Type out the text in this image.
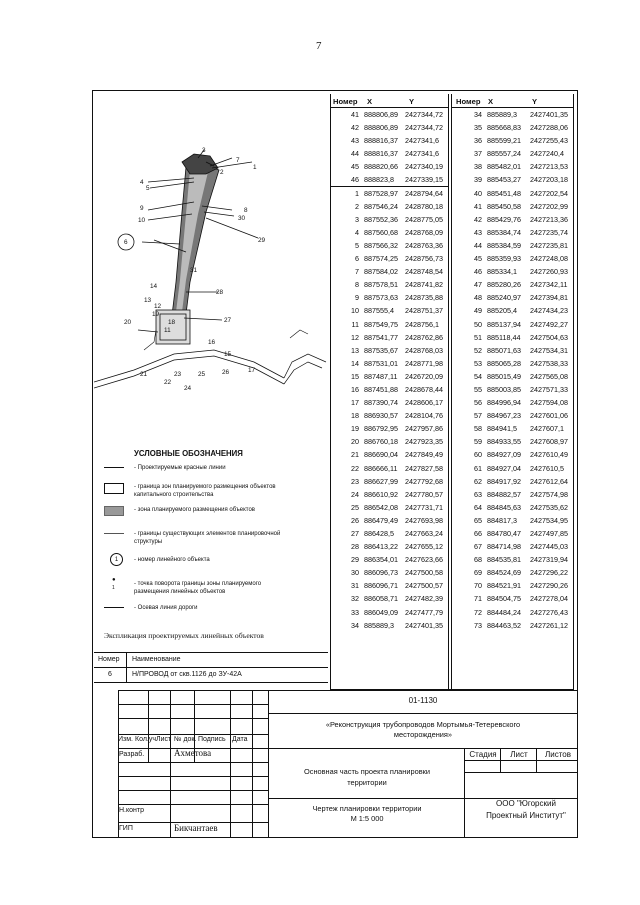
7
1
2
3
4
5
6
7
8
9
10
11
12
13
14
15
16
17
18
19
20
21
22
23
24
25	26
27
28
29
30
31
Номер X	Y
41 888806,89 2427344,72
42 888806,89 2427344,72
43 888816,37 2427341,6
44 888816,37 2427341,6
45 888820,66 2427340,19
46 888823,8 2427339,15
1 887528,97 2428794,64
2 887546,24 2428780,18
3 887552,36 2428775,05
4 887560,68 2428768,09
5 887566,32 2428763,36
6 887574,25 2428756,73
7 887584,02 2428748,54
8 887578,51 2428741,82
9 887573,63 2428735,88
10 887555,4 2428751,37
11 887549,75 2428756,1
12 887541,77 2428762,86
13 887535,67 2428768,03
14 887531,01 2428771,98
15 887487,11 2426720,09
16 887451,88 2428678,44
17 887390,74 2428606,17
18 886930,57 2428104,76
19 886792,95 2427957,86
20 886760,18 2427923,35
21 886690,04 2427849,49
22 886666,11 2427827,58
23 886627,99 2427792,68
24 886610,92 2427780,57
25 886542,08 2427731,71
26 886479,49 2427693,98
27 886428,5 2427663,24
28 886413,22 2427655,12
29 886354,01 2427623,66
30 886096,73 2427500,58
31 886096,71 2427500,57
32 886058,71 2427482,39
33 886049,09 2427477,79
34 885889,3 2427401,35
Номер X	Y
34 885889,3 2427401,35
35 885668,83 2427288,06
36 885599,21 2427255,43
37 885557,24 2427240,4
38 885482,01 2427213,53
39 885453,27 2427203,18
40 885451,48 2427202,54
41 885450,58 2427202,99
42 885429,76 2427213,36
43 885384,74 2427235,74
44 885384,59 2427235,81
45 885359,93 2427248,08
46 885334,1 2427260,93
47 885280,26 2427342,11
48 885240,97 2427394,81
49 885205,4 2427434,23
50 885137,94 2427492,27
51 885118,44 2427504,63
52 885071,63 2427534,31
53 885065,28 2427538,33
54 885015,49 2427565,08
55 885003,85 2427571,33
56 884996,94 2427594,08
57 884967,23 2427601,06
58 884941,5 2427607,1
59 884933,55 2427608,97
60 884927,09 2427610,49
61 884927,04 2427610,5
62 884917,92 2427612,64
63 884882,57 2427574,98
64 884845,63 2427535,62
65 884817,3 2427534,95
66 884780,47 2427497,85
67 884714,98 2427445,03
68 884535,81 2427319,94
69 884524,69 2427296,22
70 884521,91 2427290,26
71 884504,75 2427278,04
72 884484,24 2427276,43
73 884463,52 2427261,12
УСЛОВНЫЕ ОБОЗНАЧЕНИЯ
- Проектируемые красные линии
- граница зон планируемого размещения объектов капитального строительства
- зона планируемого размещения объектов
- границы существующих элементов планировочной структуры
1	- номер линейного объекта
● $^1$
- точка поворота границы зоны планируемого размещения линейных объектов
- Осевая линия дороги
Экспликация проектируемых линейных объектов
Номер Наименование
6	Н/ПРОВОД от скв.1126 до ЗУ-42А
Изм. Кол.уч Лист № док. Подпись Дата
Разраб.	Ахметова
Н.контр
ГИП	Бикчантаев
01-1130
«Реконструкция трубопроводов Мортымья-Тетеревского месторождения»
Основная часть проекта планировки территории
Чертеж планировки территории
М 1:5 000
Стадия	Лист	Листов
ООО "Югорский Проектный Институт"
